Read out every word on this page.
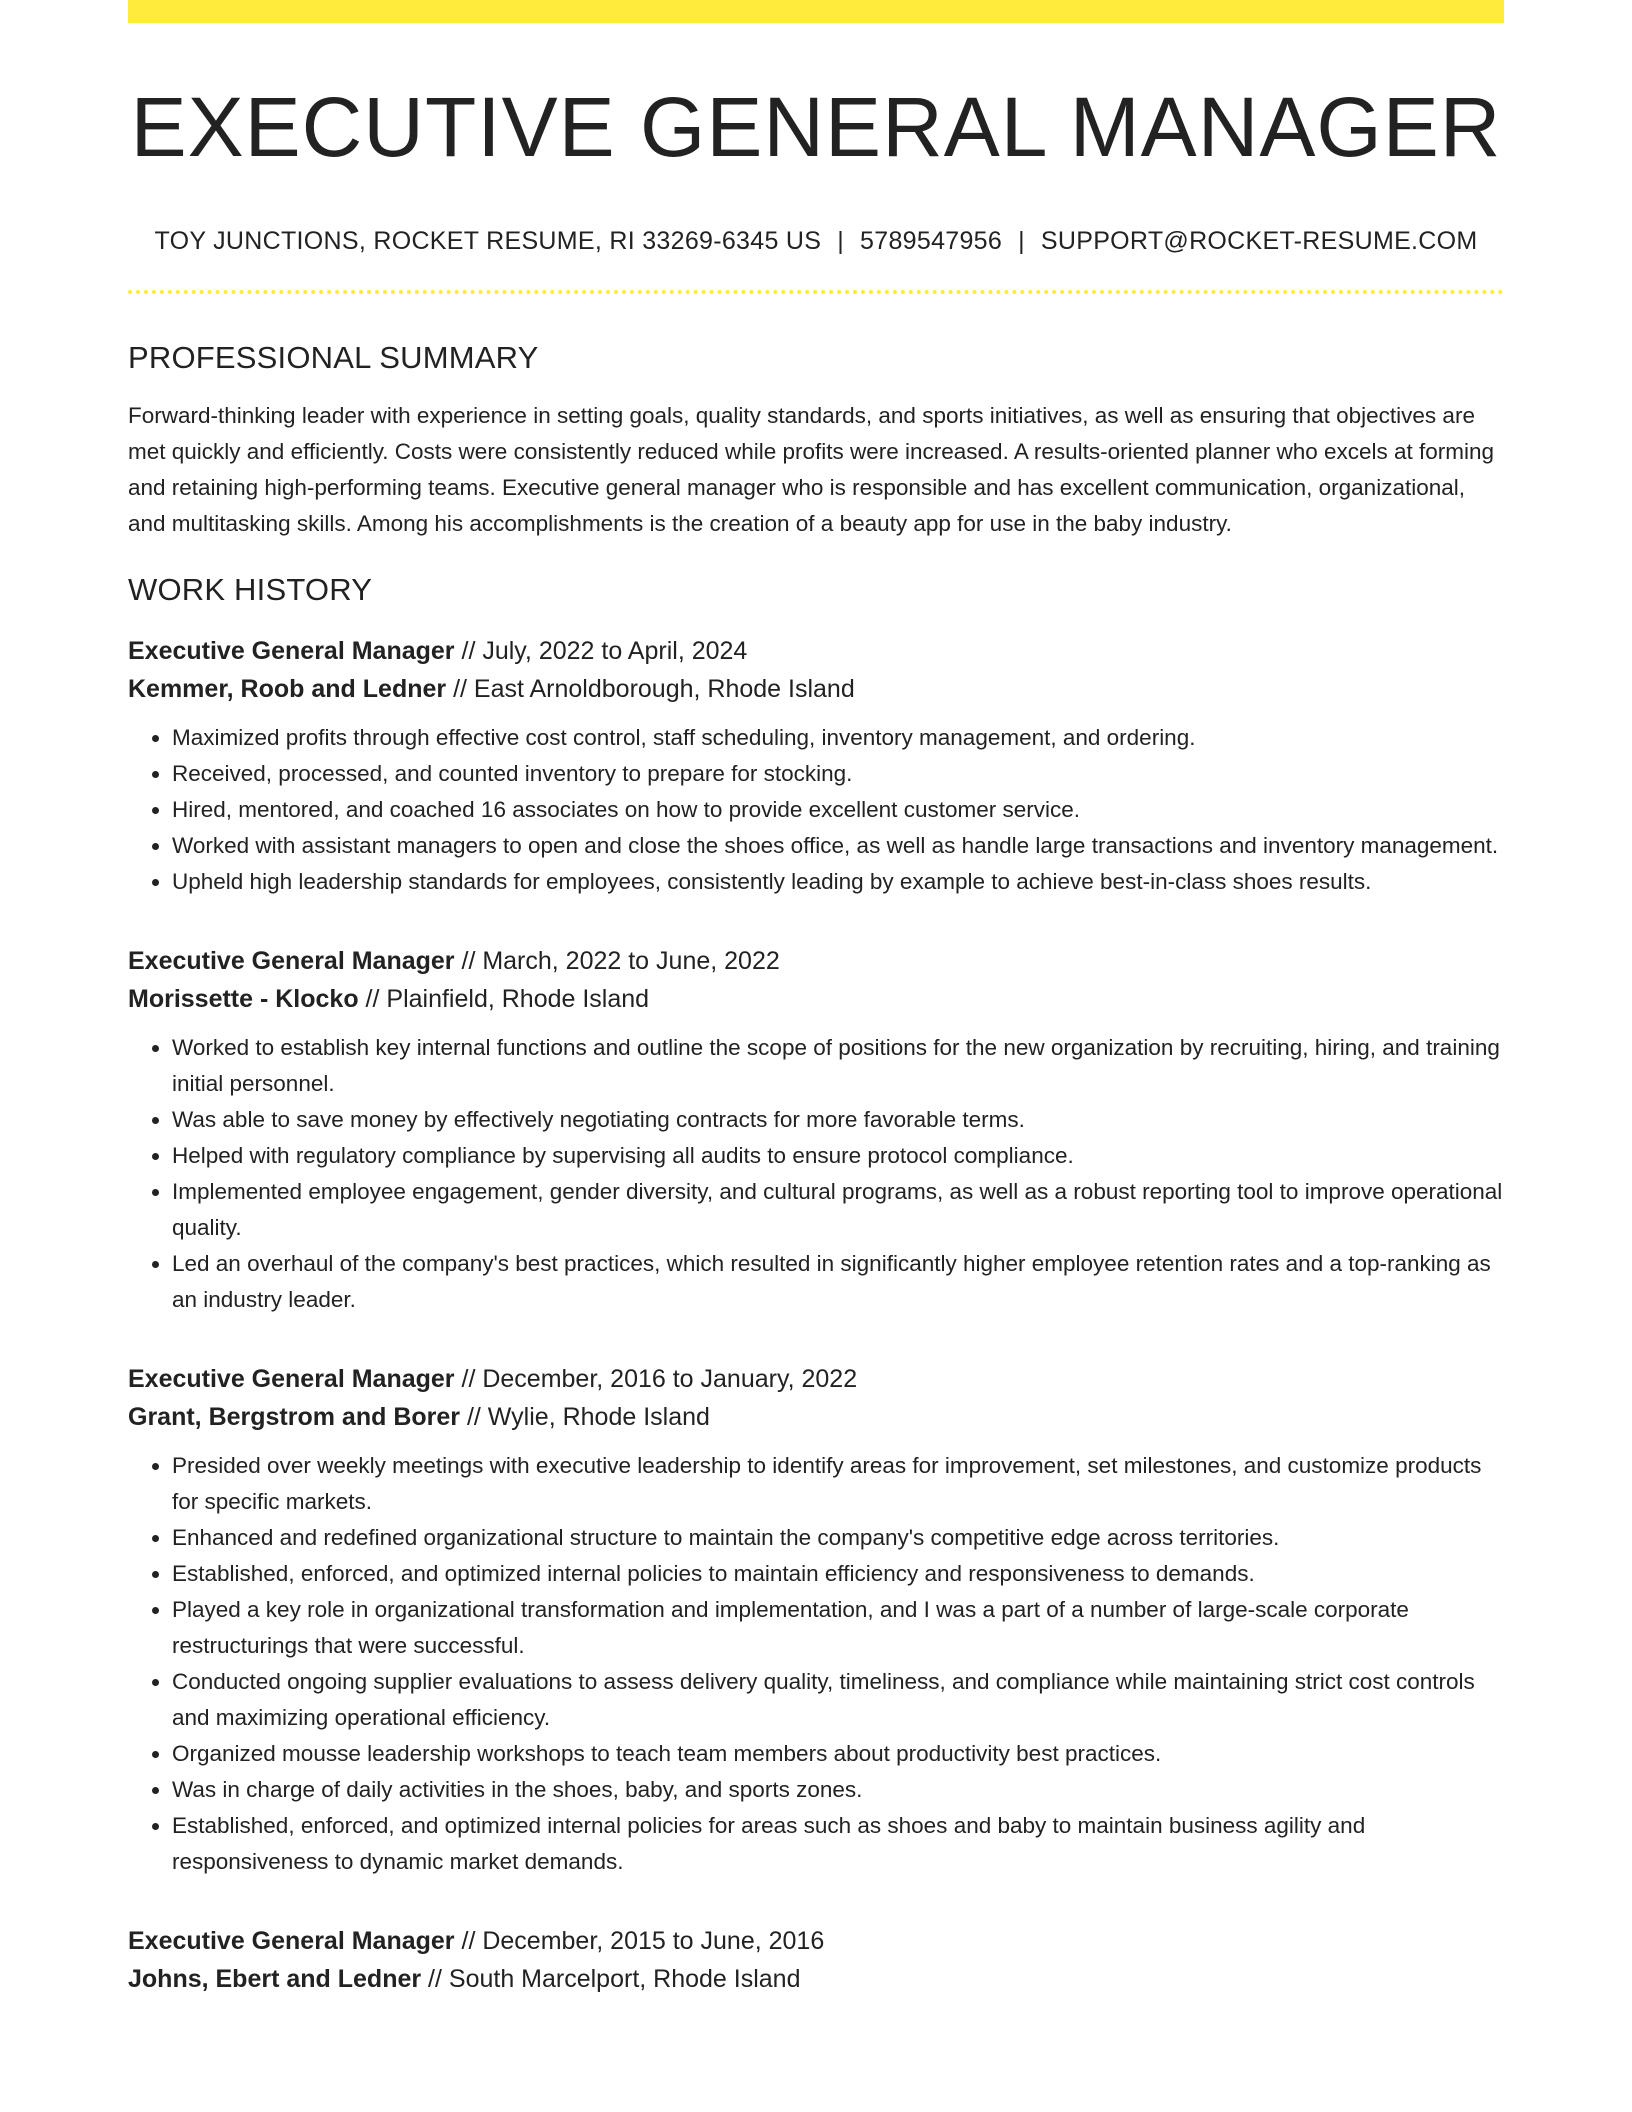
EXECUTIVE GENERAL MANAGER
TOY JUNCTIONS, ROCKET RESUME, RI 33269-6345 US | 5789547956 | SUPPORT@ROCKET-RESUME.COM
PROFESSIONAL SUMMARY

Forward-thinking leader with experience in setting goals, quality standards, and sports initiatives, as well as ensuring that objectives are met quickly and efficiently. Costs were consistently reduced while profits were increased. A results-oriented planner who excels at forming and retaining high-performing teams. Executive general manager who is responsible and has excellent communication, organizational, and multitasking skills. Among his accomplishments is the creation of a beauty app for use in the baby industry.

WORK HISTORY
Executive General Manager // July, 2022 to April, 2024
Kemmer, Roob and Ledner // East Arnoldborough, Rhode Island
• Maximized profits through effective cost control, staff scheduling, inventory management, and ordering.
• Received, processed, and counted inventory to prepare for stocking.
• Hired, mentored, and coached 16 associates on how to provide excellent customer service.
• Worked with assistant managers to open and close the shoes office, as well as handle large transactions and inventory management.
• Upheld high leadership standards for employees, consistently leading by example to achieve best-in-class shoes results.
Executive General Manager // March, 2022 to June, 2022
Morissette - Klocko // Plainfield, Rhode Island
• Worked to establish key internal functions and outline the scope of positions for the new organization by recruiting, hiring, and training initial personnel.
• Was able to save money by effectively negotiating contracts for more favorable terms.
• Helped with regulatory compliance by supervising all audits to ensure protocol compliance.
• Implemented employee engagement, gender diversity, and cultural programs, as well as a robust reporting tool to improve operational quality.
• Led an overhaul of the company's best practices, which resulted in significantly higher employee retention rates and a top-ranking as an industry leader.
Executive General Manager // December, 2016 to January, 2022
Grant, Bergstrom and Borer // Wylie, Rhode Island
• Presided over weekly meetings with executive leadership to identify areas for improvement, set milestones, and customize products for specific markets.
• Enhanced and redefined organizational structure to maintain the company's competitive edge across territories.
• Established, enforced, and optimized internal policies to maintain efficiency and responsiveness to demands.
• Played a key role in organizational transformation and implementation, and I was a part of a number of large-scale corporate restructurings that were successful.
• Conducted ongoing supplier evaluations to assess delivery quality, timeliness, and compliance while maintaining strict cost controls and maximizing operational efficiency.
• Organized mousse leadership workshops to teach team members about productivity best practices.
• Was in charge of daily activities in the shoes, baby, and sports zones.
• Established, enforced, and optimized internal policies for areas such as shoes and baby to maintain business agility and responsiveness to dynamic market demands.
Executive General Manager // December, 2015 to June, 2016
Johns, Ebert and Ledner // South Marcelport, Rhode Island
